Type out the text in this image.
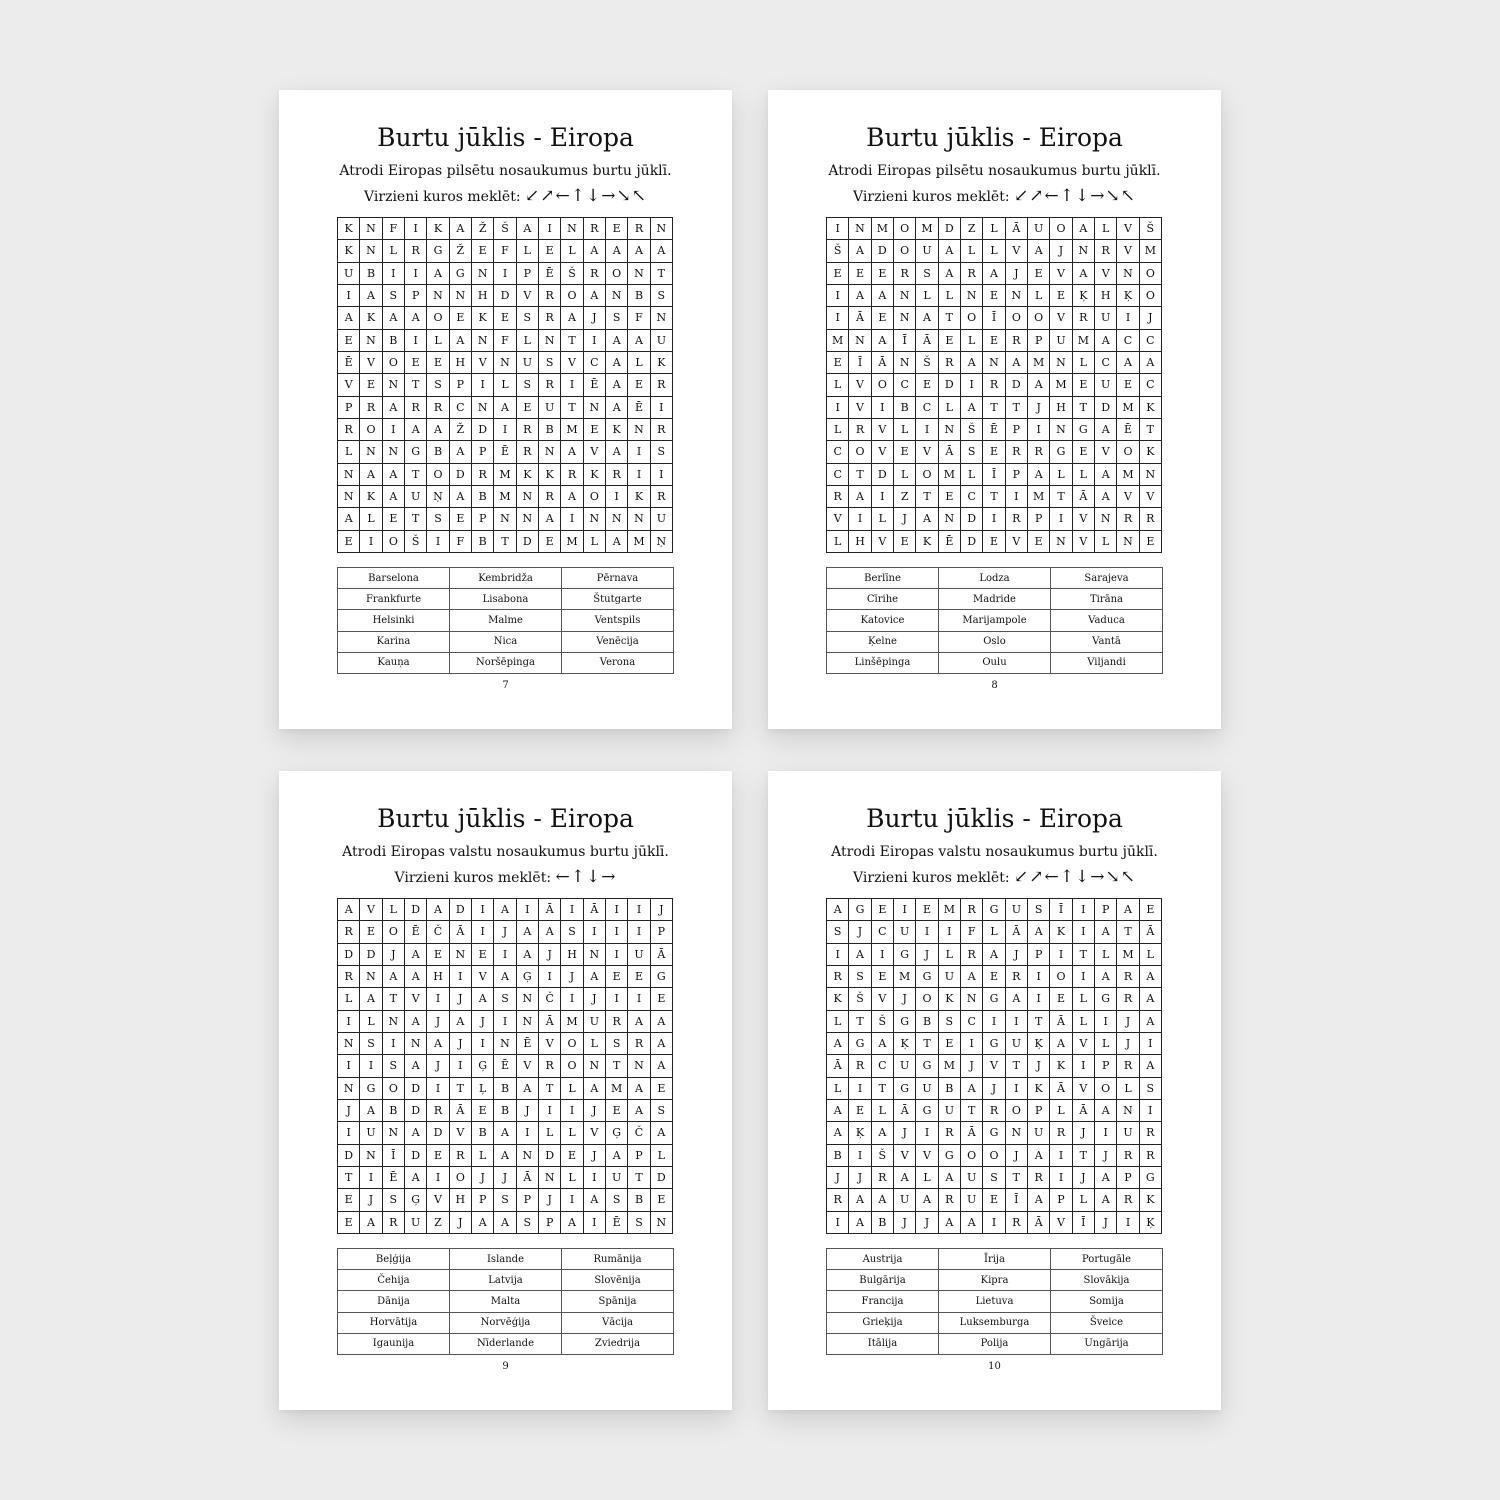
Burtu jūklis - Eiropa
Atrodi Eiropas pilsētu nosaukumus burtu jūklī.
Virzieni kuros meklēt: ↙↗←↑↓→↘↖
K	N	F	I	K	A	Ž	Š	A	I	N	R	E	R	N
K	N	L	R	G	Ž	E	F	L	E	L	A	A	A	A
U	B	I	I	A	G	N	I	P	Ē	Š	R	O	N	T
I	A	S	P	N	N	H	D	V	R	O	A	N	B	S
A	K	A	A	O	E	K	E	S	R	A	J	S	F	N
E	N	B	I	L	A	N	F	L	N	T	I	A	A	U
Ē	V	O	E	E	H	V	N	U	S	V	C	A	L	K
V	E	N	T	S	P	I	L	S	R	I	Ē	A	E	R
P	R	A	R	R	C	N	A	E	U	T	N	A	Ē	I
R	O	I	A	A	Ž	D	I	R	B	M	E	K	N	R
L	N	N	G	B	A	P	Ē	R	N	A	V	A	I	S
N	A	A	T	O	D	R	M	K	K	R	K	R	I	I
N	K	A	U	Ņ	A	B	M	N	R	A	O	I	K	R
A	L	E	T	S	E	P	N	N	A	I	N	N	N	U
E	I	O	Š	I	F	B	T	D	E	M	L	A	M	Ņ
Barselona	Kembridža	Pērnava
Frankfurte	Lisabona	Štutgarte
Helsinki	Malme	Ventspils
Karina	Nica	Venēcija
Kauņa	Noršēpinga	Verona
7
Burtu jūklis - Eiropa
Atrodi Eiropas pilsētu nosaukumus burtu jūklī.
Virzieni kuros meklēt: ↙↗←↑↓→↘↖
I	N	M	O	M	D	Z	L	Ā	U	O	A	L	V	Š
Š	A	D	O	U	A	L	L	V	A	J	N	R	V	M
E	E	E	R	S	A	R	A	J	E	V	A	V	N	O
I	A	A	N	L	L	N	E	N	L	E	Ķ	H	Ķ	O
I	Ā	E	N	A	T	O	Ī	O	O	V	R	U	I	J
M	N	A	Ī	Ā	E	L	E	R	P	U	M	A	C	C
E	Ī	Ā	N	Š	R	A	N	A	M	N	L	C	A	A
L	V	O	C	E	D	I	R	D	A	M	E	U	E	C
I	V	I	B	C	L	A	T	T	J	H	T	D	M	K
L	R	V	L	I	N	Š	Ē	P	I	N	G	A	Ē	T
C	O	V	E	V	Ā	S	E	R	R	G	E	V	O	K
C	T	D	L	O	M	L	Ī	P	A	L	L	A	M	N
R	A	I	Z	T	E	C	T	I	M	T	Ā	A	V	V
V	I	L	J	A	N	D	I	R	P	I	V	N	R	R
L	H	V	E	K	Ē	D	E	V	E	N	V	L	N	E
Berlīne	Lodza	Sarajeva
Cīrihe	Madride	Tirāna
Katovice	Marijampole	Vaduca
Ķelne	Oslo	Vantā
Linšēpinga	Oulu	Viljandi
8
Burtu jūklis - Eiropa
Atrodi Eiropas valstu nosaukumus burtu jūklī.
Virzieni kuros meklēt: ←↑↓→
A	V	L	D	A	D	I	A	I	Ā	I	Ā	I	I	J
R	E	O	Ē	Č	Ā	I	J	A	A	S	I	I	I	P
D	D	J	A	E	N	E	I	A	J	H	N	I	U	Ā
R	N	A	A	H	I	V	A	Ģ	I	J	A	E	E	G
L	A	T	V	I	J	A	S	N	Č	I	J	I	I	E
I	L	N	A	J	A	J	I	N	Ā	M	U	R	A	A
N	S	I	N	A	J	I	N	Ē	V	O	L	S	R	A
I	I	S	A	J	I	Ģ	Ē	V	R	O	N	T	N	A
N	G	O	D	I	T	Ļ	B	A	T	L	A	M	A	E
J	A	B	D	R	Ā	E	B	J	I	I	J	E	A	S
I	U	N	A	D	V	B	A	I	L	L	V	Ģ	Č	A
D	N	Ī	D	E	R	L	A	N	D	E	J	A	P	L
T	I	Ē	A	I	O	J	J	Ā	N	L	I	U	T	D
E	J	S	Ģ	V	H	P	S	P	J	I	A	S	B	E
E	A	R	U	Z	J	A	A	S	P	A	I	Ē	S	N
Beļģija	Islande	Rumānija
Čehija	Latvija	Slovēnija
Dānija	Malta	Spānija
Horvātija	Norvēģija	Vācija
Igaunija	Nīderlande	Zviedrija
9
Burtu jūklis - Eiropa
Atrodi Eiropas valstu nosaukumus burtu jūklī.
Virzieni kuros meklēt: ↙↗←↑↓→↘↖
A	G	E	I	E	M	R	G	U	S	Ī	I	P	A	E
S	J	C	U	I	I	F	L	Ā	A	K	I	A	T	Ā
I	A	I	G	J	L	R	A	J	P	I	T	L	M	L
R	S	E	M	G	U	A	E	R	I	O	I	A	R	A
K	Š	V	J	O	K	N	G	A	I	E	L	G	R	A
L	T	Š	G	B	S	C	I	I	T	Ā	L	I	J	A
A	G	A	Ķ	T	E	I	G	U	Ķ	A	V	L	J	I
Ā	R	C	U	G	M	J	V	T	J	K	I	P	R	A
L	I	T	G	U	B	A	J	I	K	Ā	V	O	L	S
A	E	L	Ā	G	U	T	R	O	P	L	Ā	A	N	I
A	Ķ	A	J	I	R	Ā	G	N	U	R	J	I	U	R
B	I	Š	V	V	G	O	O	J	A	I	T	J	R	R
J	J	R	A	L	A	U	S	T	R	I	J	A	P	G
R	A	A	U	A	R	U	E	Ī	A	P	L	A	R	K
I	A	B	J	J	A	A	I	R	Ā	V	Ī	J	I	Ķ
Austrija	Īrija	Portugāle
Bulgārija	Kipra	Slovākija
Francija	Lietuva	Somija
Grieķija	Luksemburga	Šveice
Itālija	Polija	Ungārija
10
